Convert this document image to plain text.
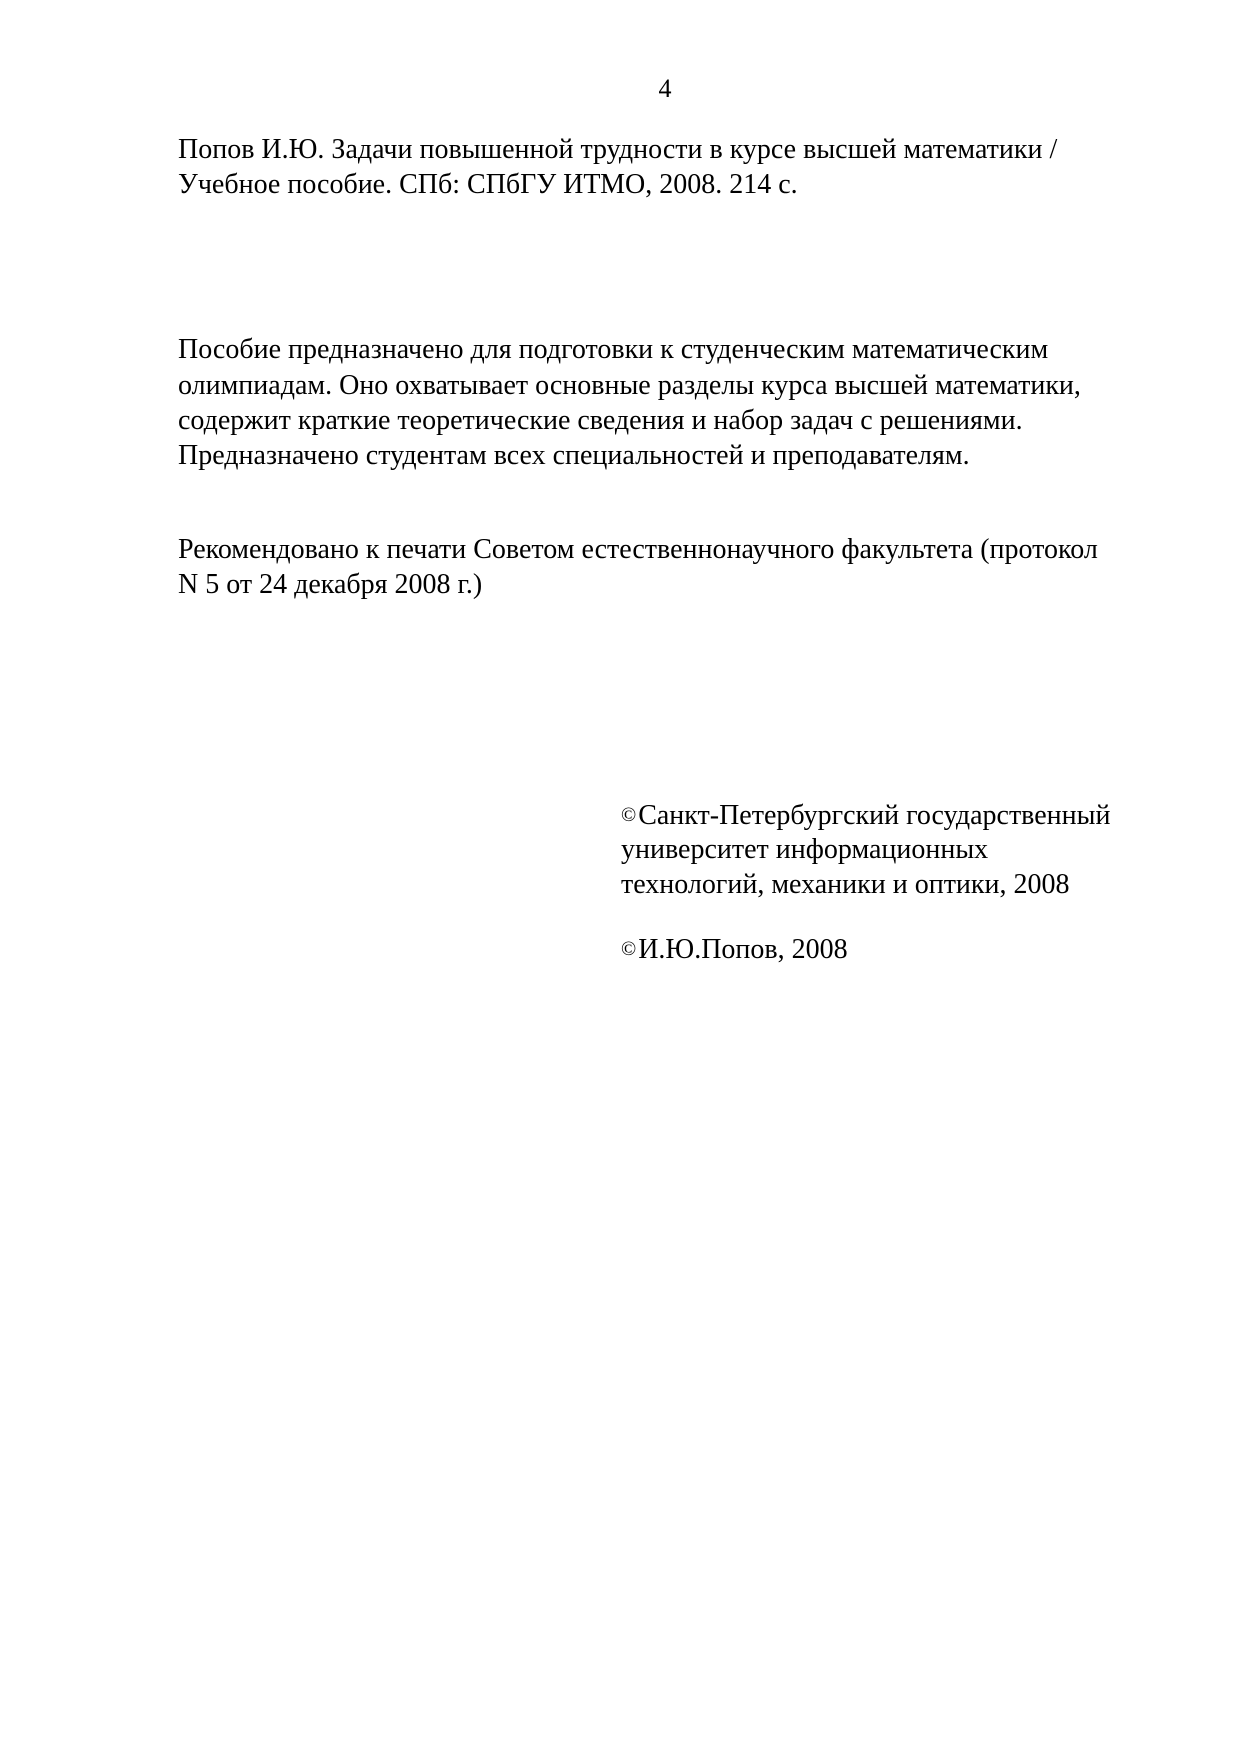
4
Попов И.Ю. Задачи повышенной трудности в курсе высшей математики /
Учебное пособие. СПб: СПбГУ ИТМО, 2008. 214 с.
Пособие предназначено для подготовки к студенческим математическим
олимпиадам. Оно охватывает основные разделы курса высшей математики,
содержит краткие теоретические сведения и набор задач с решениями.
Предназначено студентам всех специальностей и преподавателям.
Рекомендовано к печати Советом естественнонаучного факультета (протокол
N 5 от 24 декабря 2008 г.)
©Санкт-Петербургский государственный
университет информационных
технологий, механики и оптики, 2008
©И.Ю.Попов, 2008
